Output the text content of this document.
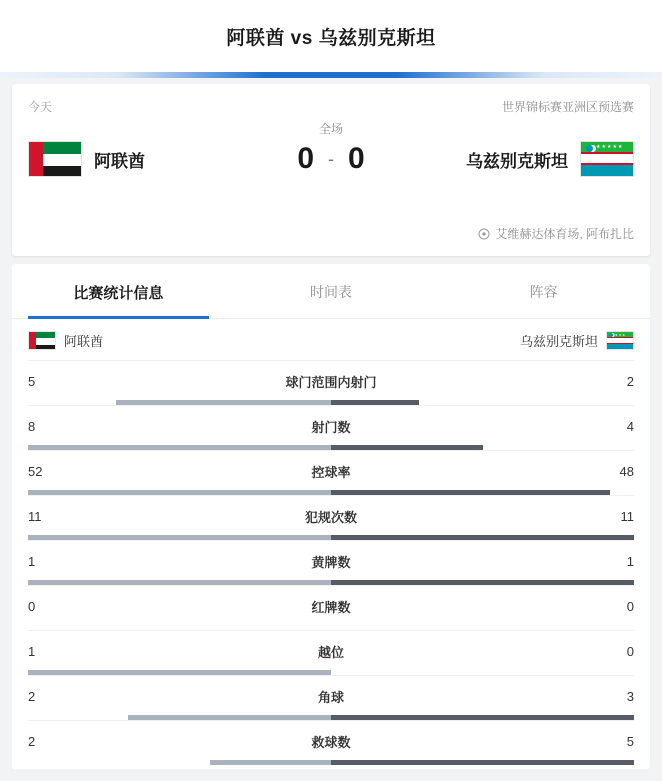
阿联酋 vs 乌兹别克斯坦
今天	世界锦标赛亚洲区预选赛
全场
阿联酋	0 - 0	乌兹别克斯坦
★★★★★
艾维赫达体育场, 阿布扎比
比赛统计信息	时间表	阵容
阿联酋	乌兹别克斯坦	★★★
5	球门范围内射门	2
8	射门数	4
52	控球率	48
11	犯规次数	11
1	黄牌数	1
0	红牌数	0
1	越位	0
2	角球	3
2	救球数	5
